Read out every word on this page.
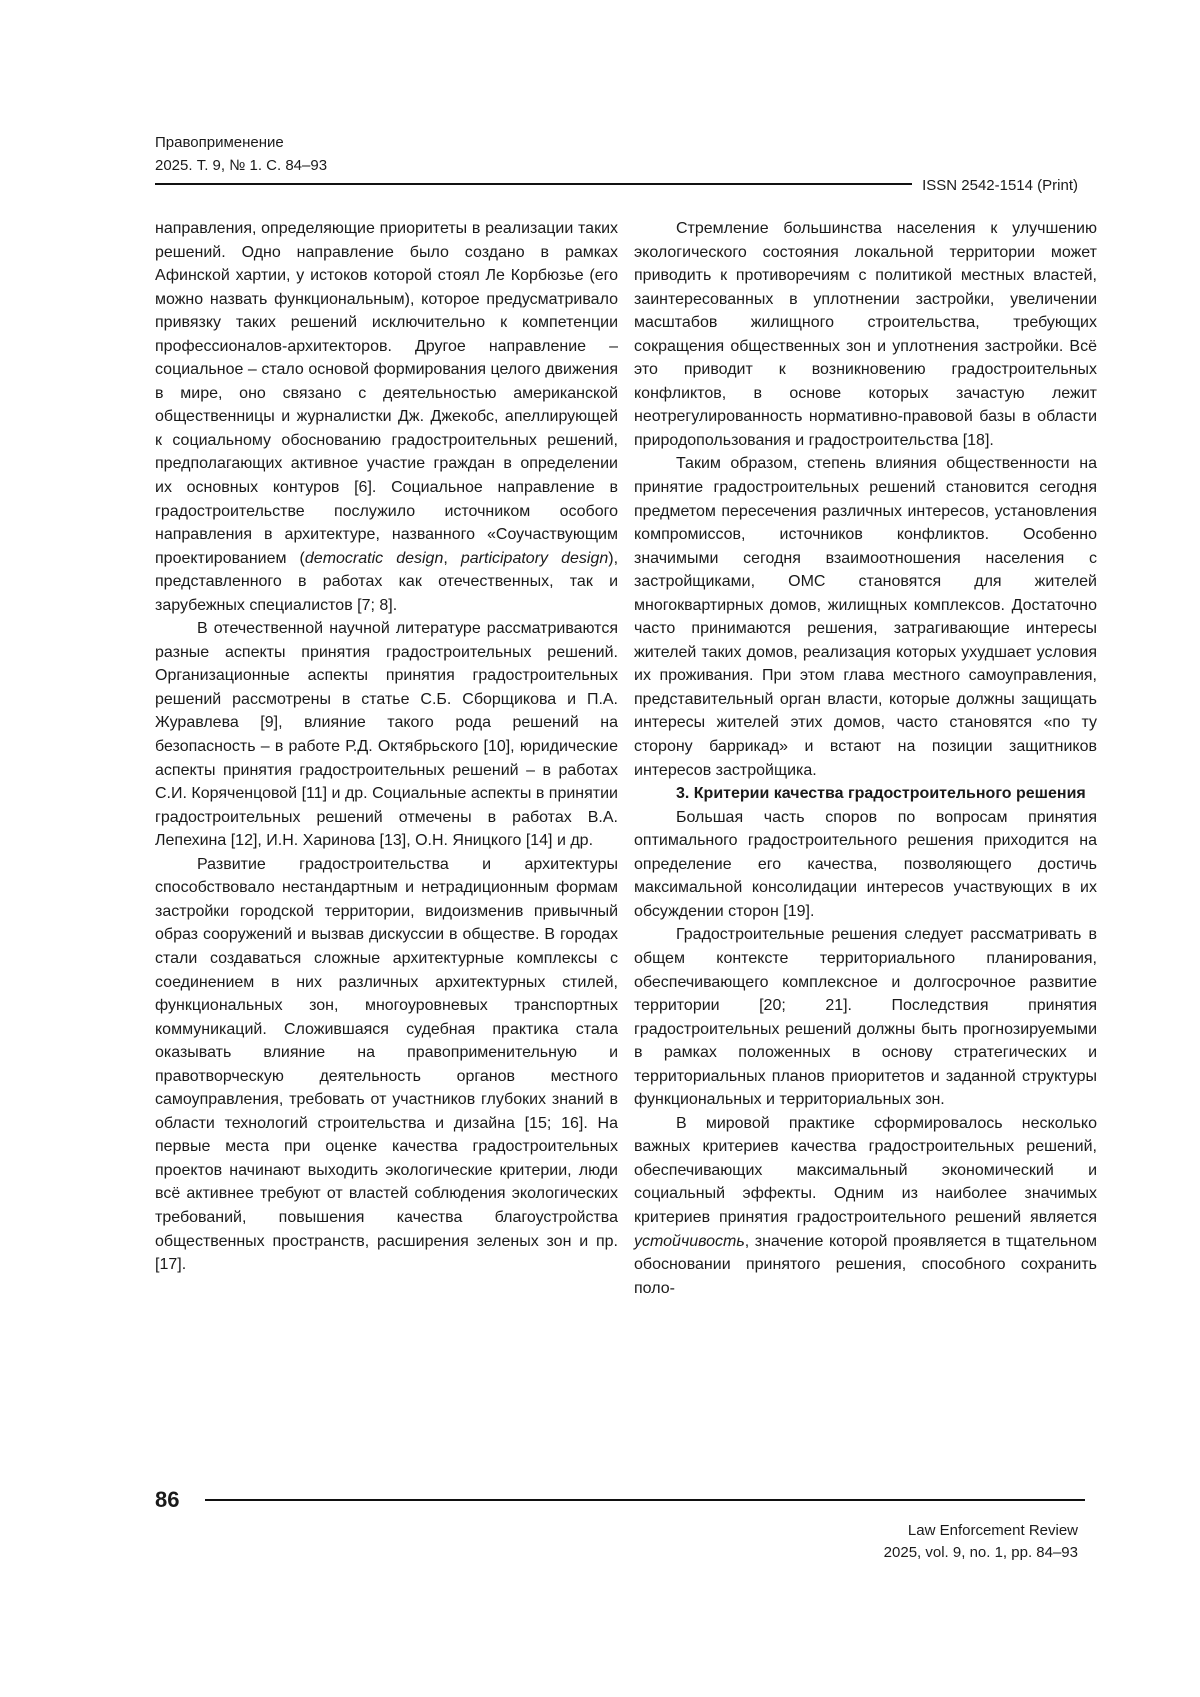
Правоприменение
2025. Т. 9, № 1. С. 84–93
ISSN 2542-1514 (Print)

направления, определяющие приоритеты в реализации таких решений. Одно направление было создано в рамках Афинской хартии, у истоков которой стоял Ле Корбюзье (его можно назвать функциональным), которое предусматривало привязку таких решений исключительно к компетенции профессионалов-архитекторов. Другое направление – социальное – стало основой формирования целого движения в мире, оно связано с деятельностью американской общественницы и журналистки Дж. Джекобс, апеллирующей к социальному обоснованию градостроительных решений, предполагающих активное участие граждан в определении их основных контуров [6]. Социальное направление в градостроительстве послужило источником особого направления в архитектуре, названного «Соучаствующим проектированием (democratic design, participatory design), представленного в работах как отечественных, так и зарубежных специалистов [7; 8].

В отечественной научной литературе рассматриваются разные аспекты принятия градостроительных решений. Организационные аспекты принятия градостроительных решений рассмотрены в статье С.Б. Сборщикова и П.А. Журавлева [9], влияние такого рода решений на безопасность – в работе Р.Д. Октябрьского [10], юридические аспекты принятия градостроительных решений – в работах С.И. Коряченцовой [11] и др. Социальные аспекты в принятии градостроительных решений отмечены в работах В.А. Лепехина [12], И.Н. Харинова [13], О.Н. Яницкого [14] и др.

Развитие градостроительства и архитектуры способствовало нестандартным и нетрадиционным формам застройки городской территории, видоизменив привычный образ сооружений и вызвав дискуссии в обществе. В городах стали создаваться сложные архитектурные комплексы с соединением в них различных архитектурных стилей, функциональных зон, многоуровневых транспортных коммуникаций. Сложившаяся судебная практика стала оказывать влияние на правоприменительную и правотворческую деятельность органов местного самоуправления, требовать от участников глубоких знаний в области технологий строительства и дизайна [15; 16]. На первые места при оценке качества градостроительных проектов начинают выходить экологические критерии, люди всё активнее требуют от властей соблюдения экологических требований, повышения качества благоустройства общественных пространств, расширения зеленых зон и пр. [17].

Стремление большинства населения к улучшению экологического состояния локальной территории может приводить к противоречиям с политикой местных властей, заинтересованных в уплотнении застройки, увеличении масштабов жилищного строительства, требующих сокращения общественных зон и уплотнения застройки. Всё это приводит к возникновению градостроительных конфликтов, в основе которых зачастую лежит неотрегулированность нормативно-правовой базы в области природопользования и градостроительства [18].

Таким образом, степень влияния общественности на принятие градостроительных решений становится сегодня предметом пересечения различных интересов, установления компромиссов, источников конфликтов. Особенно значимыми сегодня взаимоотношения населения с застройщиками, ОМС становятся для жителей многоквартирных домов, жилищных комплексов. Достаточно часто принимаются решения, затрагивающие интересы жителей таких домов, реализация которых ухудшает условия их проживания. При этом глава местного самоуправления, представительный орган власти, которые должны защищать интересы жителей этих домов, часто становятся «по ту сторону баррикад» и встают на позиции защитников интересов застройщика.

3. Критерии качества градостроительного решения

Большая часть споров по вопросам принятия оптимального градостроительного решения приходится на определение его качества, позволяющего достичь максимальной консолидации интересов участвующих в их обсуждении сторон [19].

Градостроительные решения следует рассматривать в общем контексте территориального планирования, обеспечивающего комплексное и долгосрочное развитие территории [20; 21]. Последствия принятия градостроительных решений должны быть прогнозируемыми в рамках положенных в основу стратегических и территориальных планов приоритетов и заданной структуры функциональных и территориальных зон.

В мировой практике сформировалось несколько важных критериев качества градостроительных решений, обеспечивающих максимальный экономический и социальный эффекты. Одним из наиболее значимых критериев принятия градостроительного решений является устойчивость, значение которой проявляется в тщательном обосновании принятого решения, способного сохранить поло-

86
Law Enforcement Review
2025, vol. 9, no. 1, pp. 84–93
